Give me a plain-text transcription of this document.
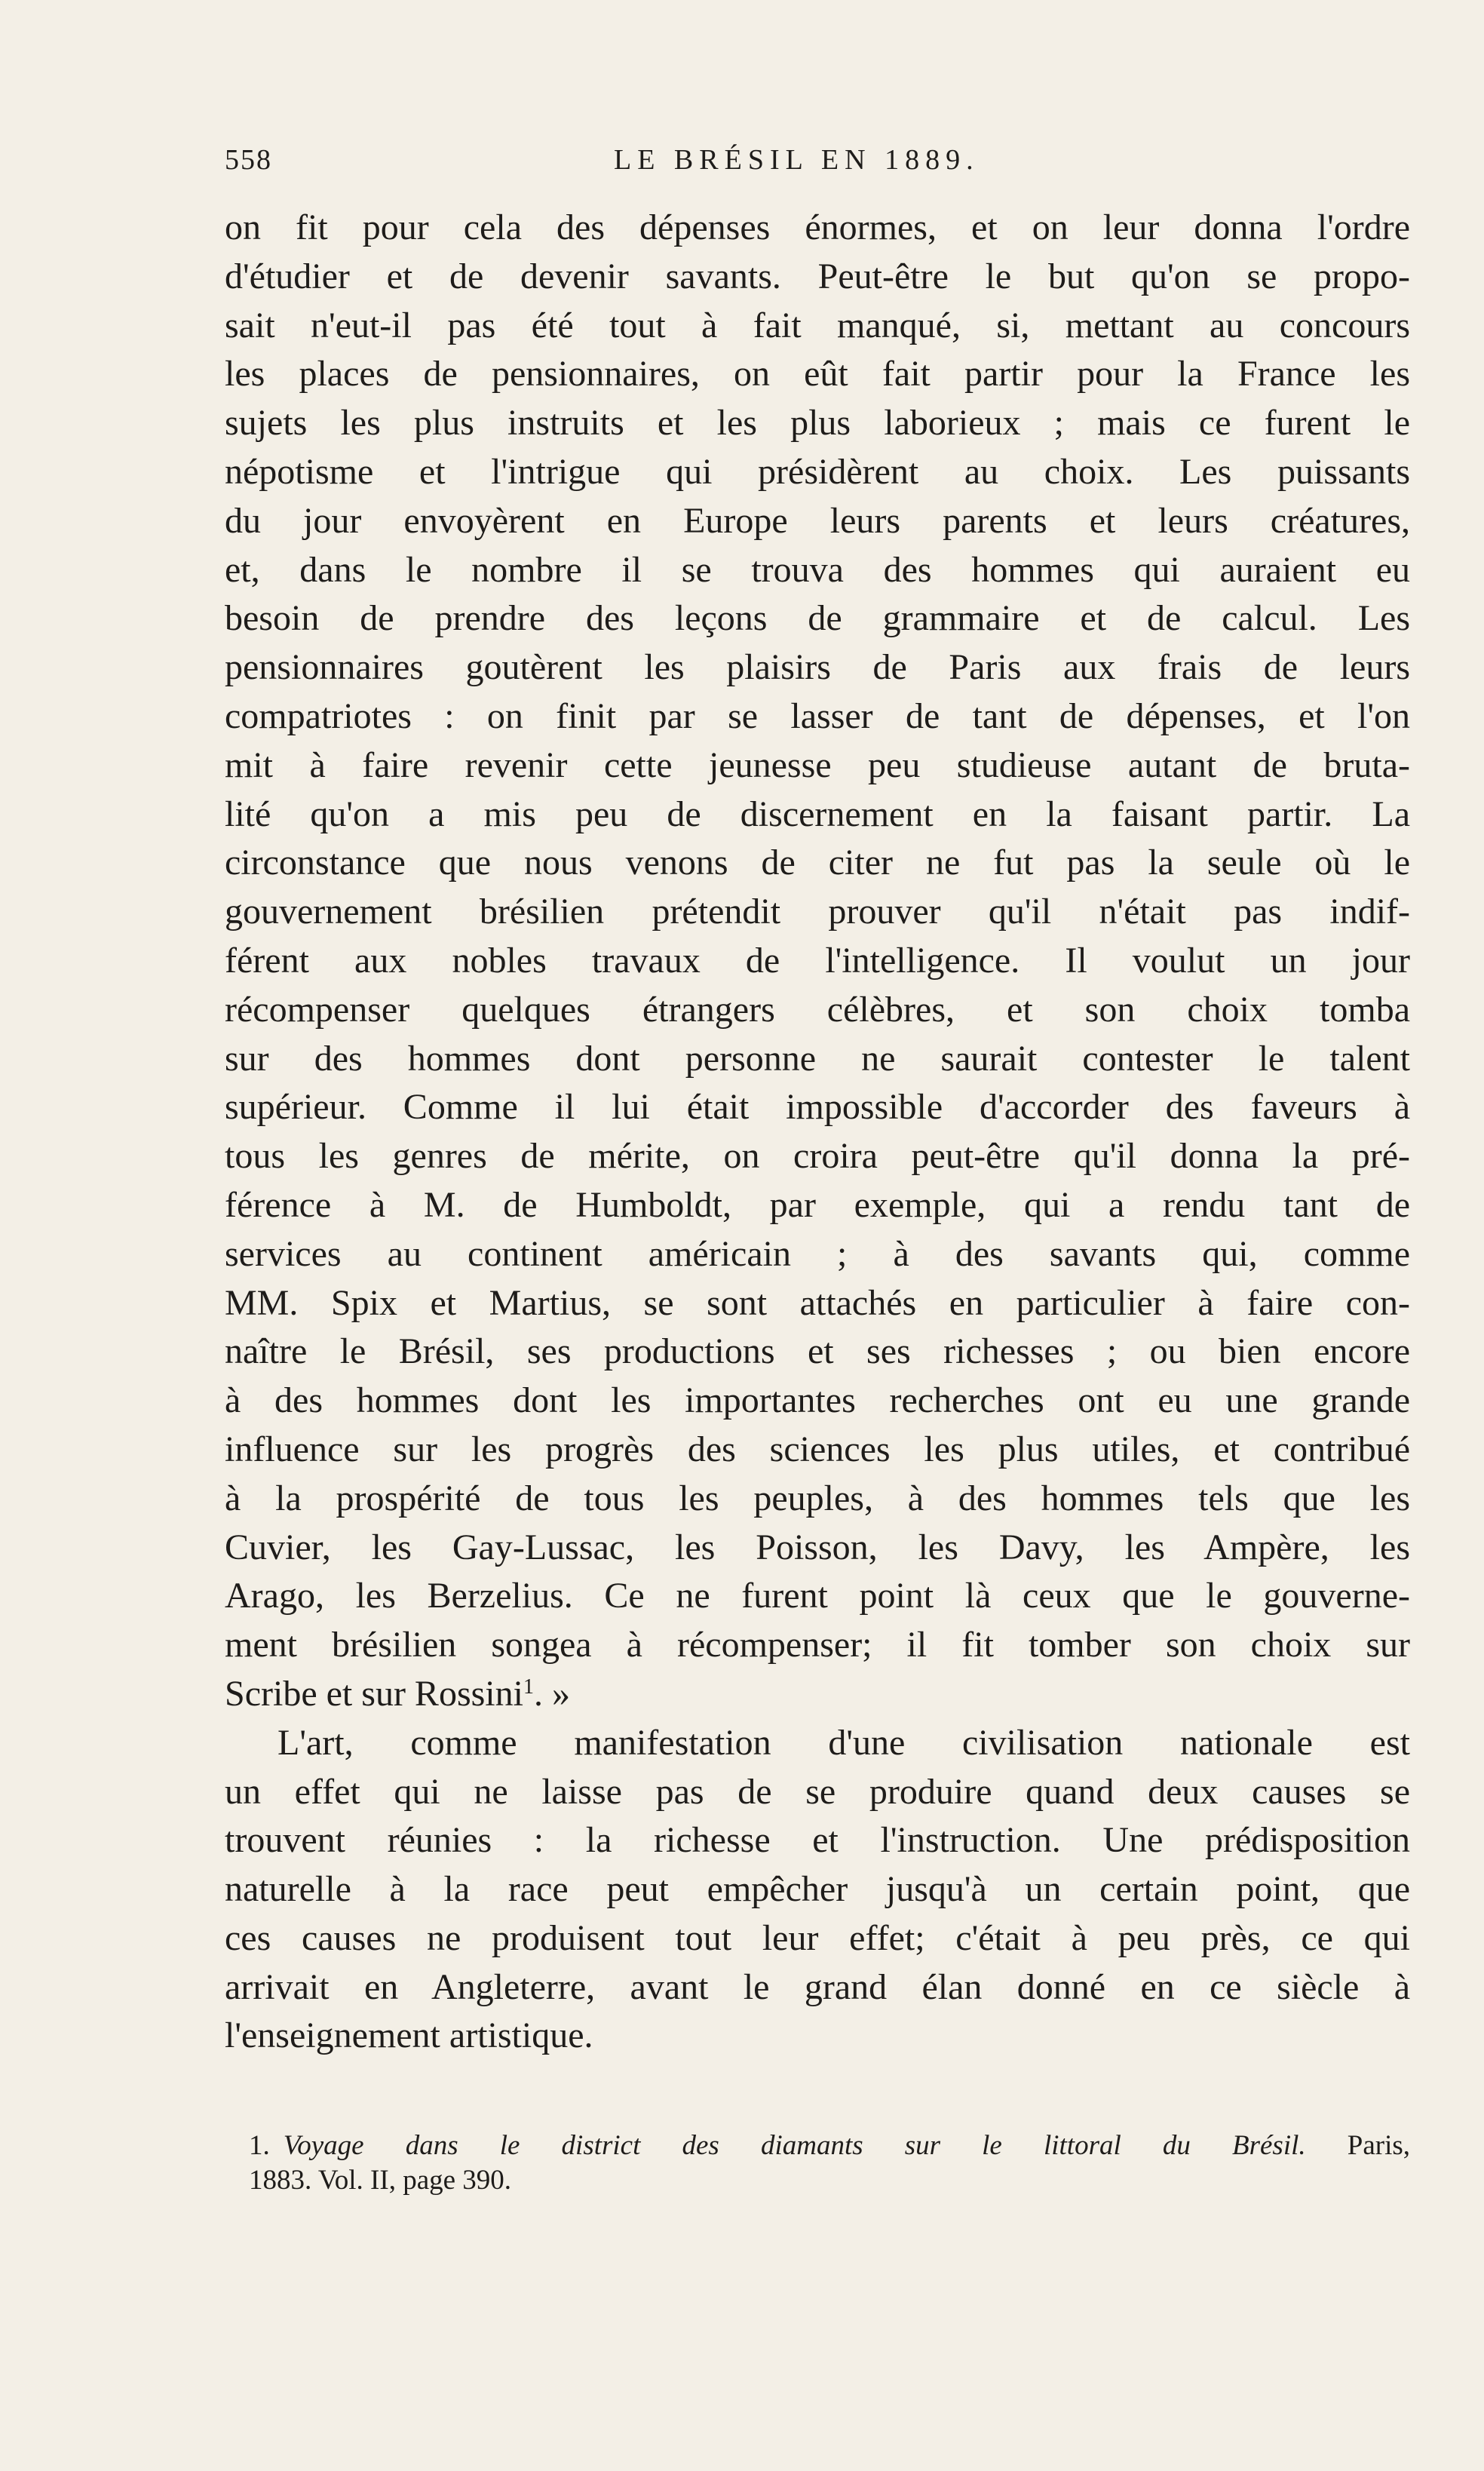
558	LE BRÉSIL EN 1889.
on fit pour cela des dépenses énormes, et on leur donna l'ordre
d'étudier et de devenir savants. Peut-être le but qu'on se propo-
sait n'eut-il pas été tout à fait manqué, si, mettant au concours
les places de pensionnaires, on eût fait partir pour la France les
sujets les plus instruits et les plus laborieux ; mais ce furent le
népotisme et l'intrigue qui présidèrent au choix. Les puissants
du jour envoyèrent en Europe leurs parents et leurs créatures,
et, dans le nombre il se trouva des hommes qui auraient eu
besoin de prendre des leçons de grammaire et de calcul. Les
pensionnaires goutèrent les plaisirs de Paris aux frais de leurs
compatriotes : on finit par se lasser de tant de dépenses, et l'on
mit à faire revenir cette jeunesse peu studieuse autant de bruta-
lité qu'on a mis peu de discernement en la faisant partir. La
circonstance que nous venons de citer ne fut pas la seule où le
gouvernement brésilien prétendit prouver qu'il n'était pas indif-
férent aux nobles travaux de l'intelligence. Il voulut un jour
récompenser quelques étrangers célèbres, et son choix tomba
sur des hommes dont personne ne saurait contester le talent
supérieur. Comme il lui était impossible d'accorder des faveurs à
tous les genres de mérite, on croira peut-être qu'il donna la pré-
férence à M. de Humboldt, par exemple, qui a rendu tant de
services au continent américain ; à des savants qui, comme
MM. Spix et Martius, se sont attachés en particulier à faire con-
naître le Brésil, ses productions et ses richesses ; ou bien encore
à des hommes dont les importantes recherches ont eu une grande
influence sur les progrès des sciences les plus utiles, et contribué
à la prospérité de tous les peuples, à des hommes tels que les
Cuvier, les Gay-Lussac, les Poisson, les Davy, les Ampère, les
Arago, les Berzelius. Ce ne furent point là ceux que le gouverne-
ment brésilien songea à récompenser; il fit tomber son choix sur
Scribe et sur Rossini$^1$. »
L'art, comme manifestation d'une civilisation nationale est
un effet qui ne laisse pas de se produire quand deux causes se
trouvent réunies : la richesse et l'instruction. Une prédisposition
naturelle à la race peut empêcher jusqu'à un certain point, que
ces causes ne produisent tout leur effet; c'était à peu près, ce qui
arrivait en Angleterre, avant le grand élan donné en ce siècle à
l'enseignement artistique.
1. Voyage dans le district des diamants sur le littoral du Brésil. Paris,
1883. Vol. II, page 390.
